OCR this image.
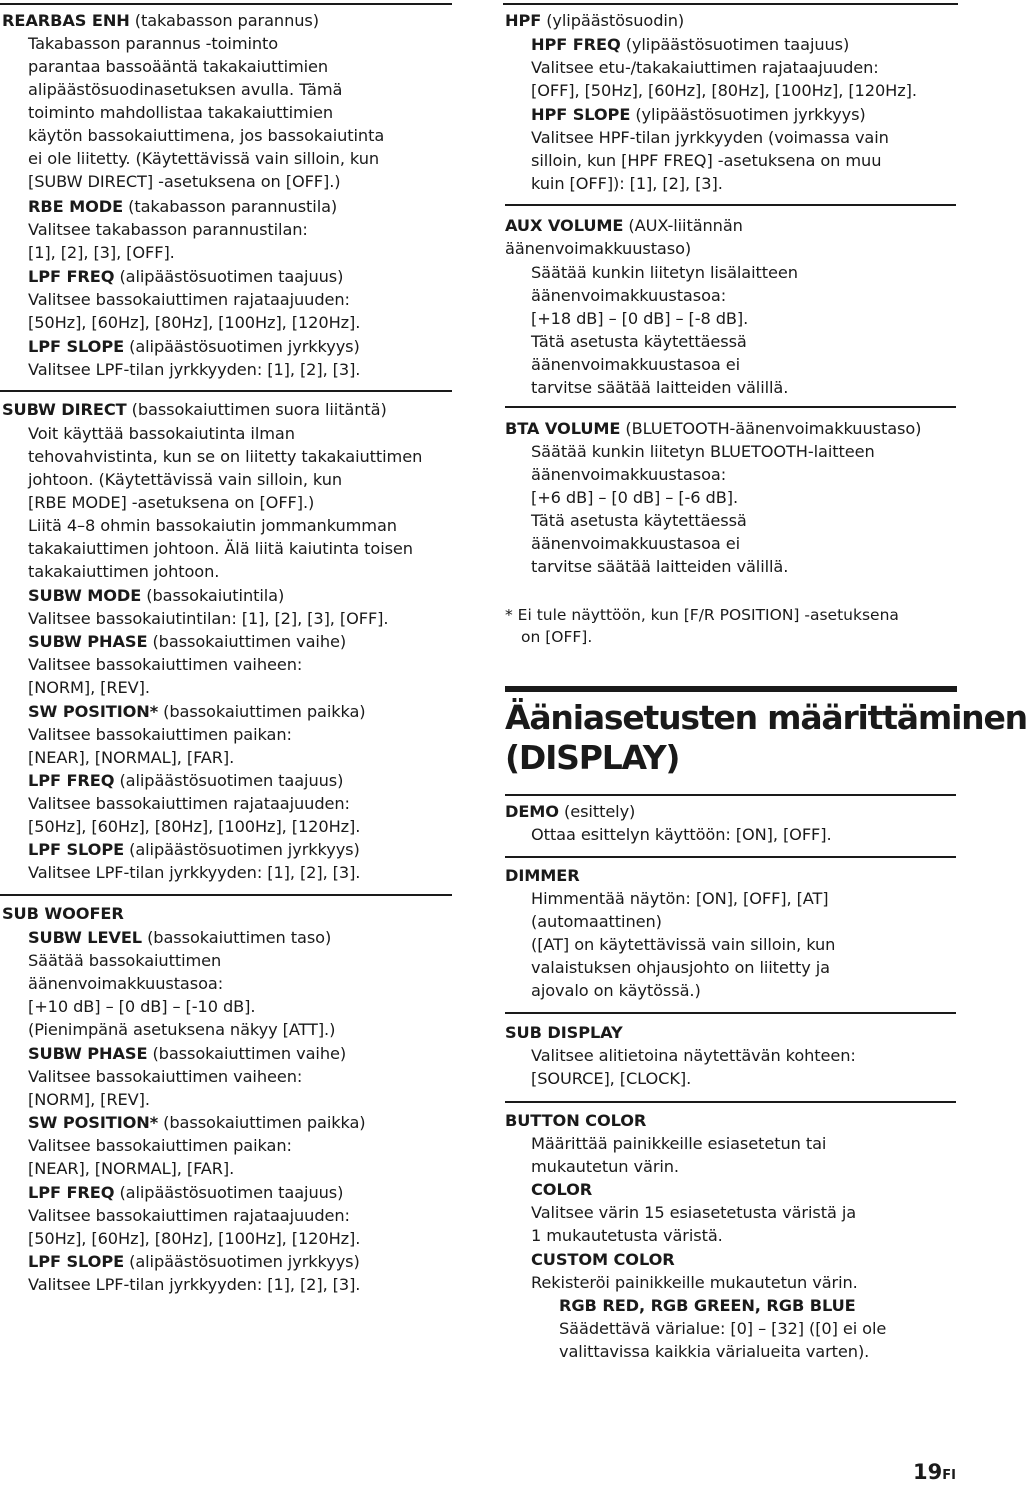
REARBAS ENH (takabasson parannus)
Takabasson parannus -toiminto
parantaa bassoääntä takakaiuttimien
alipäästösuodinasetuksen avulla. Tämä
toiminto mahdollistaa takakaiuttimien
käytön bassokaiuttimena, jos bassokaiutinta
ei ole liitetty. (Käytettävissä vain silloin, kun
[SUBW DIRECT] -asetuksena on [OFF].)
RBE MODE (takabasson parannustila)
Valitsee takabasson parannustilan:
[1], [2], [3], [OFF].
LPF FREQ (alipäästösuotimen taajuus)
Valitsee bassokaiuttimen rajataajuuden:
[50Hz], [60Hz], [80Hz], [100Hz], [120Hz].
LPF SLOPE (alipäästösuotimen jyrkkyys)
Valitsee LPF-tilan jyrkkyyden: [1], [2], [3].
SUBW DIRECT (bassokaiuttimen suora liitäntä)
Voit käyttää bassokaiutinta ilman
tehovahvistinta, kun se on liitetty takakaiuttimen
johtoon. (Käytettävissä vain silloin, kun
[RBE MODE] -asetuksena on [OFF].)
Liitä 4–8 ohmin bassokaiutin jommankumman
takakaiuttimen johtoon. Älä liitä kaiutinta toisen
takakaiuttimen johtoon.
SUBW MODE (bassokaiutintila)
Valitsee bassokaiutintilan: [1], [2], [3], [OFF].
SUBW PHASE (bassokaiuttimen vaihe)
Valitsee bassokaiuttimen vaiheen:
[NORM], [REV].
SW POSITION* (bassokaiuttimen paikka)
Valitsee bassokaiuttimen paikan:
[NEAR], [NORMAL], [FAR].
LPF FREQ (alipäästösuotimen taajuus)
Valitsee bassokaiuttimen rajataajuuden:
[50Hz], [60Hz], [80Hz], [100Hz], [120Hz].
LPF SLOPE (alipäästösuotimen jyrkkyys)
Valitsee LPF-tilan jyrkkyyden: [1], [2], [3].
SUB WOOFER
SUBW LEVEL (bassokaiuttimen taso)
Säätää bassokaiuttimen
äänenvoimakkuustasoa:
[+10 dB] – [0 dB] – [-10 dB].
(Pienimpänä asetuksena näkyy [ATT].)
SUBW PHASE (bassokaiuttimen vaihe)
Valitsee bassokaiuttimen vaiheen:
[NORM], [REV].
SW POSITION* (bassokaiuttimen paikka)
Valitsee bassokaiuttimen paikan:
[NEAR], [NORMAL], [FAR].
LPF FREQ (alipäästösuotimen taajuus)
Valitsee bassokaiuttimen rajataajuuden:
[50Hz], [60Hz], [80Hz], [100Hz], [120Hz].
LPF SLOPE (alipäästösuotimen jyrkkyys)
Valitsee LPF-tilan jyrkkyyden: [1], [2], [3].
HPF (ylipäästösuodin)
HPF FREQ (ylipäästösuotimen taajuus)
Valitsee etu-/takakaiuttimen rajataajuuden:
[OFF], [50Hz], [60Hz], [80Hz], [100Hz], [120Hz].
HPF SLOPE (ylipäästösuotimen jyrkkyys)
Valitsee HPF-tilan jyrkkyyden (voimassa vain
silloin, kun [HPF FREQ] -asetuksena on muu
kuin [OFF]): [1], [2], [3].
AUX VOLUME (AUX-liitännän
äänenvoimakkuustaso)
Säätää kunkin liitetyn lisälaitteen
äänenvoimakkuustasoa:
[+18 dB] – [0 dB] – [-8 dB].
Tätä asetusta käytettäessä
äänenvoimakkuustasoa ei
tarvitse säätää laitteiden välillä.
BTA VOLUME (BLUETOOTH-äänenvoimakkuustaso)
Säätää kunkin liitetyn BLUETOOTH-laitteen
äänenvoimakkuustasoa:
[+6 dB] – [0 dB] – [-6 dB].
Tätä asetusta käytettäessä
äänenvoimakkuustasoa ei
tarvitse säätää laitteiden välillä.
* Ei tule näyttöön, kun [F/R POSITION] -asetuksena
on [OFF].
Ääniasetusten määrittäminen
(DISPLAY)
DEMO (esittely)
Ottaa esittelyn käyttöön: [ON], [OFF].
DIMMER
Himmentää näytön: [ON], [OFF], [AT]
(automaattinen)
([AT] on käytettävissä vain silloin, kun
valaistuksen ohjausjohto on liitetty ja
ajovalo on käytössä.)
SUB DISPLAY
Valitsee alitietoina näytettävän kohteen:
[SOURCE], [CLOCK].
BUTTON COLOR
Määrittää painikkeille esiasetetun tai
mukautetun värin.
COLOR
Valitsee värin 15 esiasetetusta väristä ja
1 mukautetusta väristä.
CUSTOM COLOR
Rekisteröi painikkeille mukautetun värin.
RGB RED, RGB GREEN, RGB BLUE
Säädettävä värialue: [0] – [32] ([0] ei ole
valittavissa kaikkia värialueita varten).
19FI
